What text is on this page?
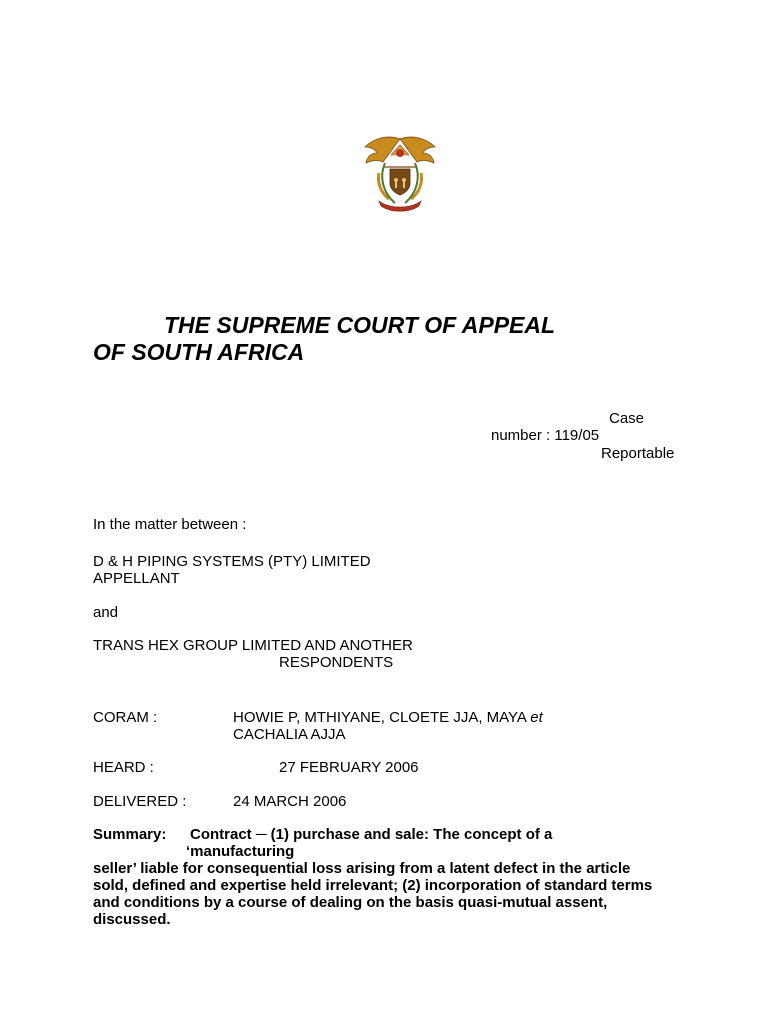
THE SUPREME COURT OF APPEAL
OF SOUTH AFRICA
Case
number : 119/05
Reportable
In the matter between :
D & H PIPING SYSTEMS (PTY) LIMITED
APPELLANT
and
TRANS HEX GROUP LIMITED AND ANOTHER
RESPONDENTS
CORAM :	HOWIE P, MTHIYANE, CLOETE JJA, MAYA et
CACHALIA AJJA
HEARD :	27 FEBRUARY 2006
DELIVERED :	24 MARCH 2006
Summary: Contract ─ (1) purchase and sale: The concept of a
‘manufacturing
seller’ liable for consequential loss arising from a latent defect in the article
sold, defined and expertise held irrelevant; (2) incorporation of standard terms
and conditions by a course of dealing on the basis quasi-mutual assent,
discussed.
